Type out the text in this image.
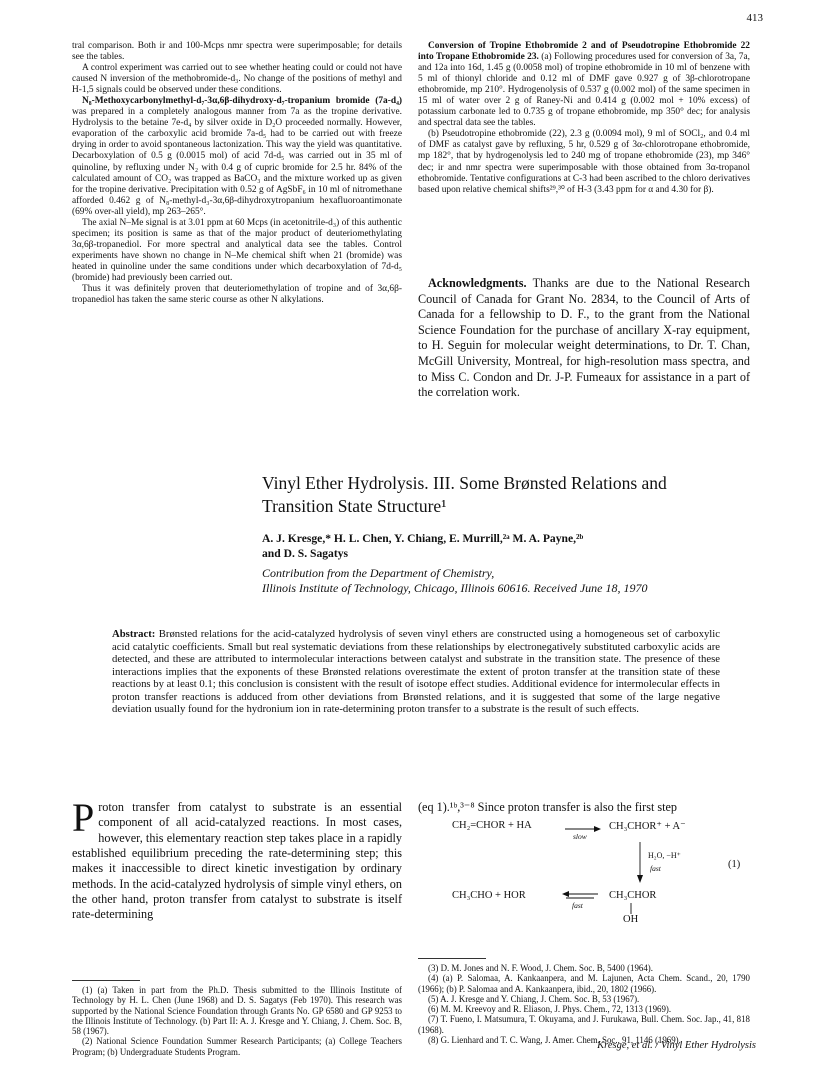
413

tral comparison. Both ir and 100-Mcps nmr spectra were superimposable; for details see the tables.

A control experiment was carried out to see whether heating could or could not have caused N inversion of the methobromide-d₃. No change of the positions of methyl and H-1,5 signals could be observed under these conditions.

N₈-Methoxycarbonylmethyl-d₇-3α,6β-dihydroxy-d₇-tropanium bromide (7a-d₄) was prepared in a completely analogous manner from 7a as the tropine derivative. Hydrolysis to the betaine 7e-d₄ by silver oxide in D₂O proceeded normally. However, evaporation of the carboxylic acid bromide 7a-d₅ had to be carried out with freeze drying in order to avoid spontaneous lactonization. This way the yield was quantitative. Decarboxylation of 0.5 g (0.0015 mol) of acid 7d-d₅ was carried out in 35 ml of quinoline, by refluxing under N₂ with 0.4 g of cupric bromide for 2.5 hr. 84% of the calculated amount of CO₂ was trapped as BaCO₃ and the mixture worked up as given for the tropine derivative. Precipitation with 0.52 g of AgSbF₆ in 10 ml of nitromethane afforded 0.462 g of N₈-methyl-d₃-3α,6β-dihydroxytropanium hexafluoroantimonate (69% over-all yield), mp 263–265°.

The axial N–Me signal is at 3.01 ppm at 60 Mcps (in acetonitrile-d₃) of this authentic specimen; its position is same as that of the major product of deuteriomethylating 3α,6β-tropanediol. For more spectral and analytical data see the tables. Control experiments have shown no change in N–Me chemical shift when 21 (bromide) was heated in quinoline under the same conditions under which decarboxylation of 7d-d₅ (bromide) had previously been carried out.

Thus it was definitely proven that deuteriomethylation of tropine and of 3α,6β-tropanediol has taken the same steric course as other N alkylations.

Conversion of Tropine Ethobromide 2 and of Pseudotropine Ethobromide 22 into Tropane Ethobromide 23. (a) Following procedures used for conversion of 3a, 7a, and 12a into 16d, 1.45 g (0.0058 mol) of tropine ethobromide in 10 ml of benzene with 5 ml of thionyl chloride and 0.12 ml of DMF gave 0.927 g of 3β-chlorotropane ethobromide, mp 210°. Hydrogenolysis of 0.537 g (0.002 mol) of the same specimen in 15 ml of water over 2 g of Raney-Ni and 0.414 g (0.002 mol + 10% excess) of potassium carbonate led to 0.735 g of tropane ethobromide, mp 350° dec; for analysis and spectral data see the tables.

(b) Pseudotropine ethobromide (22), 2.3 g (0.0094 mol), 9 ml of SOCl₂, and 0.4 ml of DMF as catalyst gave by refluxing, 5 hr, 0.529 g of 3α-chlorotropane ethobromide, mp 182°, that by hydrogenolysis led to 240 mg of tropane ethobromide (23), mp 346° dec; ir and nmr spectra were superimposable with those obtained from 3α-tropanol ethobromide. Tentative configurations at C-3 had been ascribed to the chloro derivatives based upon relative chemical shifts²⁹,³⁰ of H-3 (3.43 ppm for α and 4.30 for β).

Acknowledgments. Thanks are due to the National Research Council of Canada for Grant No. 2834, to the Council of Arts of Canada for a fellowship to D. F., to the grant from the National Science Foundation for the purchase of ancillary X-ray equipment, to H. Seguin for molecular weight determinations, to Dr. T. Chan, McGill University, Montreal, for high-resolution mass spectra, and to Miss C. Condon and Dr. J-P. Fumeaux for assistance in a part of the correlation work.
Vinyl Ether Hydrolysis. III. Some Brønsted Relations and
Transition State Structure¹
A. J. Kresge,* H. L. Chen, Y. Chiang, E. Murrill,²ᵃ M. A. Payne,²ᵇ
and D. S. Sagatys
Contribution from the Department of Chemistry,
Illinois Institute of Technology, Chicago, Illinois 60616. Received June 18, 1970
Abstract: Brønsted relations for the acid-catalyzed hydrolysis of seven vinyl ethers are constructed using a homogeneous set of carboxylic acid catalytic coefficients. Small but real systematic deviations from these relationships by electronegatively substituted carboxylic acids are detected, and these are attributed to intermolecular interactions between catalyst and substrate in the transition state. The presence of these interactions implies that the exponents of these Brønsted relations overestimate the extent of proton transfer at the transition state of these reactions by at least 0.1; this conclusion is consistent with the result of isotope effect studies. Additional evidence for intermolecular effects in proton transfer reactions is adduced from other deviations from Brønsted relations, and it is suggested that some of the large negative deviation usually found for the hydronium ion in rate-determining proton transfer to a substrate is the result of such effects.
Proton transfer from catalyst to substrate is an essential component of all acid-catalyzed reactions. In most cases, however, this elementary reaction step takes place in a rapidly established equilibrium preceding the rate-determining step; this makes it inaccessible to direct kinetic investigation by ordinary methods. In the acid-catalyzed hydrolysis of simple vinyl ethers, on the other hand, proton transfer from catalyst to substrate is itself rate-determining
(eq 1).¹ᵇ,³⁻⁸ Since proton transfer is also the first step
CH₂=CHOR + HA
slow
CH₃CHOR⁺ + A⁻
H₂O, −H⁺
fast	(1)
CH₃CHO + HOR
fast
CH₃CHOR
OH

(1) (a) Taken in part from the Ph.D. Thesis submitted to the Illinois Institute of Technology by H. L. Chen (June 1968) and D. S. Sagatys (Feb 1970). This research was supported by the National Science Foundation through Grants No. GP 6580 and GP 9253 to the Illinois Institute of Technology. (b) Part II: A. J. Kresge and Y. Chiang, J. Chem. Soc. B, 58 (1967).

(2) National Science Foundation Summer Research Participants; (a) College Teachers Program; (b) Undergraduate Students Program.

(3) D. M. Jones and N. F. Wood, J. Chem. Soc. B, 5400 (1964).

(4) (a) P. Salomaa, A. Kankaanpera, and M. Lajunen, Acta Chem. Scand., 20, 1790 (1966); (b) P. Salomaa and A. Kankaanpera, ibid., 20, 1802 (1966).

(5) A. J. Kresge and Y. Chiang, J. Chem. Soc. B, 53 (1967).

(6) M. M. Kreevoy and R. Eliason, J. Phys. Chem., 72, 1313 (1969).

(7) T. Fueno, I. Matsumura, T. Okuyama, and J. Furukawa, Bull. Chem. Soc. Jap., 41, 818 (1968).

(8) G. Lienhard and T. C. Wang, J. Amer. Chem. Soc., 91, 1146 (1969).

Kresge, et al. / Vinyl Ether Hydrolysis
